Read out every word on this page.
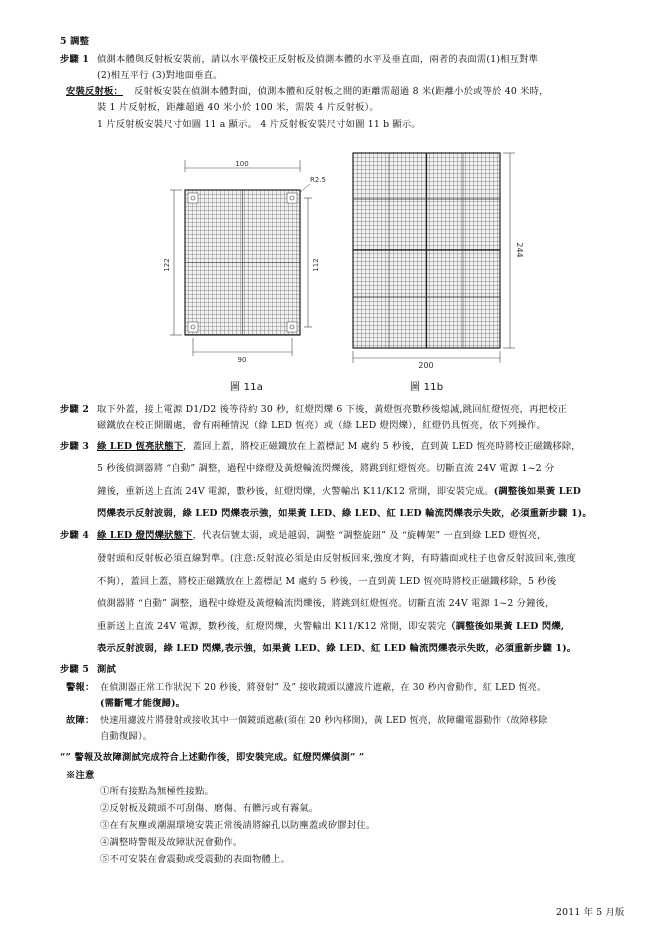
5 調整
步驟 1 偵測本體與反射板安裝前，請以水平儀校正反射板及偵測本體的水平及垂直面，兩者的表面需(1)相互對準
(2)相互平行 (3)對地面垂直。
安裝反射板： 反射板安裝在偵測本體對面，偵測本體和反射板之間的距離需超過 8 米(距離小於或等於 40 米時，
裝 1 片反射板，距離超過 40 米小於 100 米，需裝 4 片反射板）。
1 片反射板安裝尺寸如圖 11 a 顯示。 4 片反射板安裝尺寸如圖 11 b 顯示。
100
R2.5
122	112
90
244
200
圖 11a	圖 11b
步驟 2 取下外蓋，接上電源 D1/D2 後等待約 30 秒，紅燈閃爍 6 下後，黃燈恆亮數秒後熄滅,跳回紅燈恆亮，再把校正
磁鐵放在校正開關處，會有兩種情況（綠 LED 恆亮）或（綠 LED 燈閃爍），紅燈仍具恆亮，依下列操作。
步驟 3 綠 LED 恆亮狀態下，蓋回上蓋，將校正磁鐵放在上蓋標記 M 處約 5 秒後，直到黃 LED 恆亮時將校正磁鐵移除，
5 秒後偵測器將 “自動” 調整，過程中綠燈及黃燈輪流閃爍後，將跳到紅燈恆亮。切斷直流 24V 電源 1~2 分
鐘後，重新送上直流 24V 電源，數秒後，紅燈閃爍，火警輸出 K11/K12 常開，即安裝完成。(調整後如果黃 LED
閃爍表示反射波弱，綠 LED 閃爍表示強，如果黃 LED、綠 LED、紅 LED 輪流閃爍表示失敗，必須重新步驟 1)。
步驟 4 綠 LED 燈閃爍狀態下，代表信號太弱，或是越弱，調整 “調整旋鈕” 及 “旋轉架” 一直到綠 LED 燈恆亮,
發射頭和反射板必須直線對準。(注意:反射波必須是由反射板回來,強度才夠，有時牆面或柱子也會反射波回來,強度
不夠），蓋回上蓋，將校正磁鐵放在上蓋標記 M 處約 5 秒後，一直到黃 LED 恆亮時將校正磁鐵移除，5 秒後
偵測器將 “自動” 調整，過程中綠燈及黃燈輪流閃爍後，將跳到紅燈恆亮。切斷直流 24V 電源 1~2 分鐘後，
重新送上直流 24V 電源，數秒後，紅燈閃爍，火警輸出 K11/K12 常開，即安裝完（調整後如果黃 LED 閃爍,
表示反射波弱，綠 LED 閃爍,表示強，如果黃 LED、綠 LED、紅 LED 輪流閃爍表示失敗，必須重新步驟 1)。
步驟 5 測試
警報： 在偵測器正常工作狀況下 20 秒後，將發射” 及” 接收鏡頭以濾波片遮蔽，在 30 秒內會動作，紅 LED 恆亮。
(需斷電才能復歸)。
故障： 快速用濾波片將發射或接收其中一個鏡頭遮蔽(須在 20 秒內移開)，黃 LED 恆亮，故障繼電器動作（故障移除
自動復歸）。
“” 警報及故障測試完成符合上述動作後，即安裝完成。紅燈閃爍偵測” ”
※注意
①所有接點為無極性接點。
②反射板及鏡頭不可刮傷、磨傷、有髒污或有霧氣。
③在有灰塵或潮濕環境安裝正常後請將線孔以防塵蓋或矽膠封住。
④調整時警報及故障狀況會動作。
⑤不可安裝在會震動或受震動的表面物體上。
2011 年 5 月版
